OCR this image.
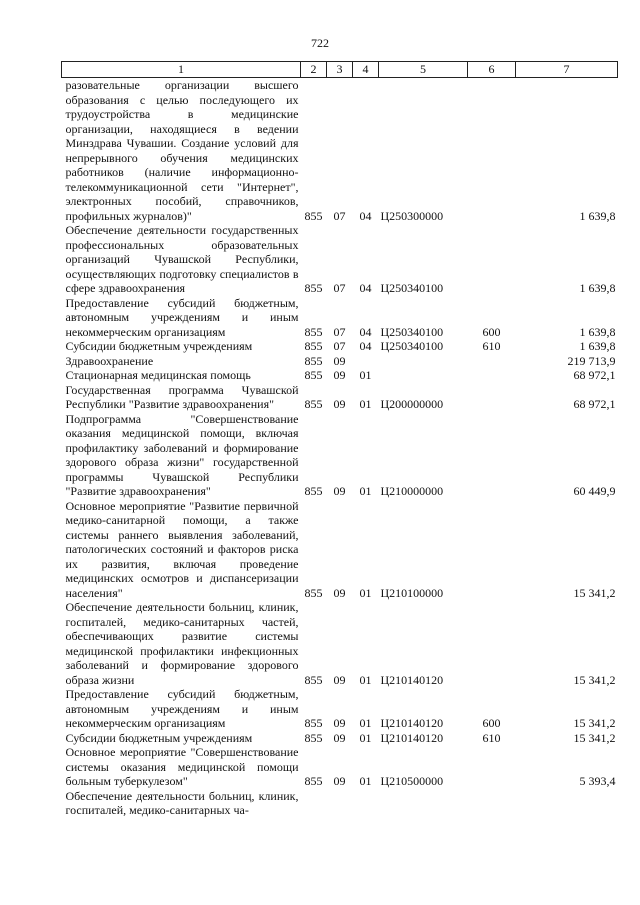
722
1	2	3	4	5	6	7
разовательные организации высшего образования с целью последующего их трудоустройства в медицинские организации, находящиеся в ведении Минздрава Чувашии. Создание условий для непрерывного обучения медицинских работников (наличие информационно-телекоммуникационной сети "Интернет", электронных пособий, справочников, профильных журналов)"	855	07	04	Ц250300000		1 639,8
Обеспечение деятельности государственных профессиональных образовательных организаций Чувашской Республики, осуществляющих подготовку специалистов в сфере здравоохранения	855	07	04	Ц250340100		1 639,8
Предоставление субсидий бюджетным, автономным учреждениям и иным некоммерческим организациям	855	07	04	Ц250340100	600	1 639,8
Субсидии бюджетным учреждениям	855	07	04	Ц250340100	610	1 639,8
Здравоохранение	855	09				219 713,9
Стационарная медицинская помощь	855	09	01			68 972,1
Государственная программа Чувашской Республики "Развитие здравоохранения"	855	09	01	Ц200000000		68 972,1
Подпрограмма "Совершенствование оказания медицинской помощи, включая профилактику заболеваний и формирование здорового образа жизни" государственной программы Чувашской Республики "Развитие здравоохранения"	855	09	01	Ц210000000		60 449,9
Основное мероприятие "Развитие первичной медико-санитарной помощи, а также системы раннего выявления заболеваний, патологических состояний и факторов риска их развития, включая проведение медицинских осмотров и диспансеризации населения"	855	09	01	Ц210100000		15 341,2
Обеспечение деятельности больниц, клиник, госпиталей, медико-санитарных частей, обеспечивающих развитие системы медицинской профилактики инфекционных заболеваний и формирование здорового образа жизни	855	09	01	Ц210140120		15 341,2
Предоставление субсидий бюджетным, автономным учреждениям и иным некоммерческим организациям	855	09	01	Ц210140120	600	15 341,2
Субсидии бюджетным учреждениям	855	09	01	Ц210140120	610	15 341,2
Основное мероприятие "Совершенствование системы оказания медицинской помощи больным туберкулезом"	855	09	01	Ц210500000		5 393,4
Обеспечение деятельности больниц, клиник, госпиталей, медико-санитарных ча-						
